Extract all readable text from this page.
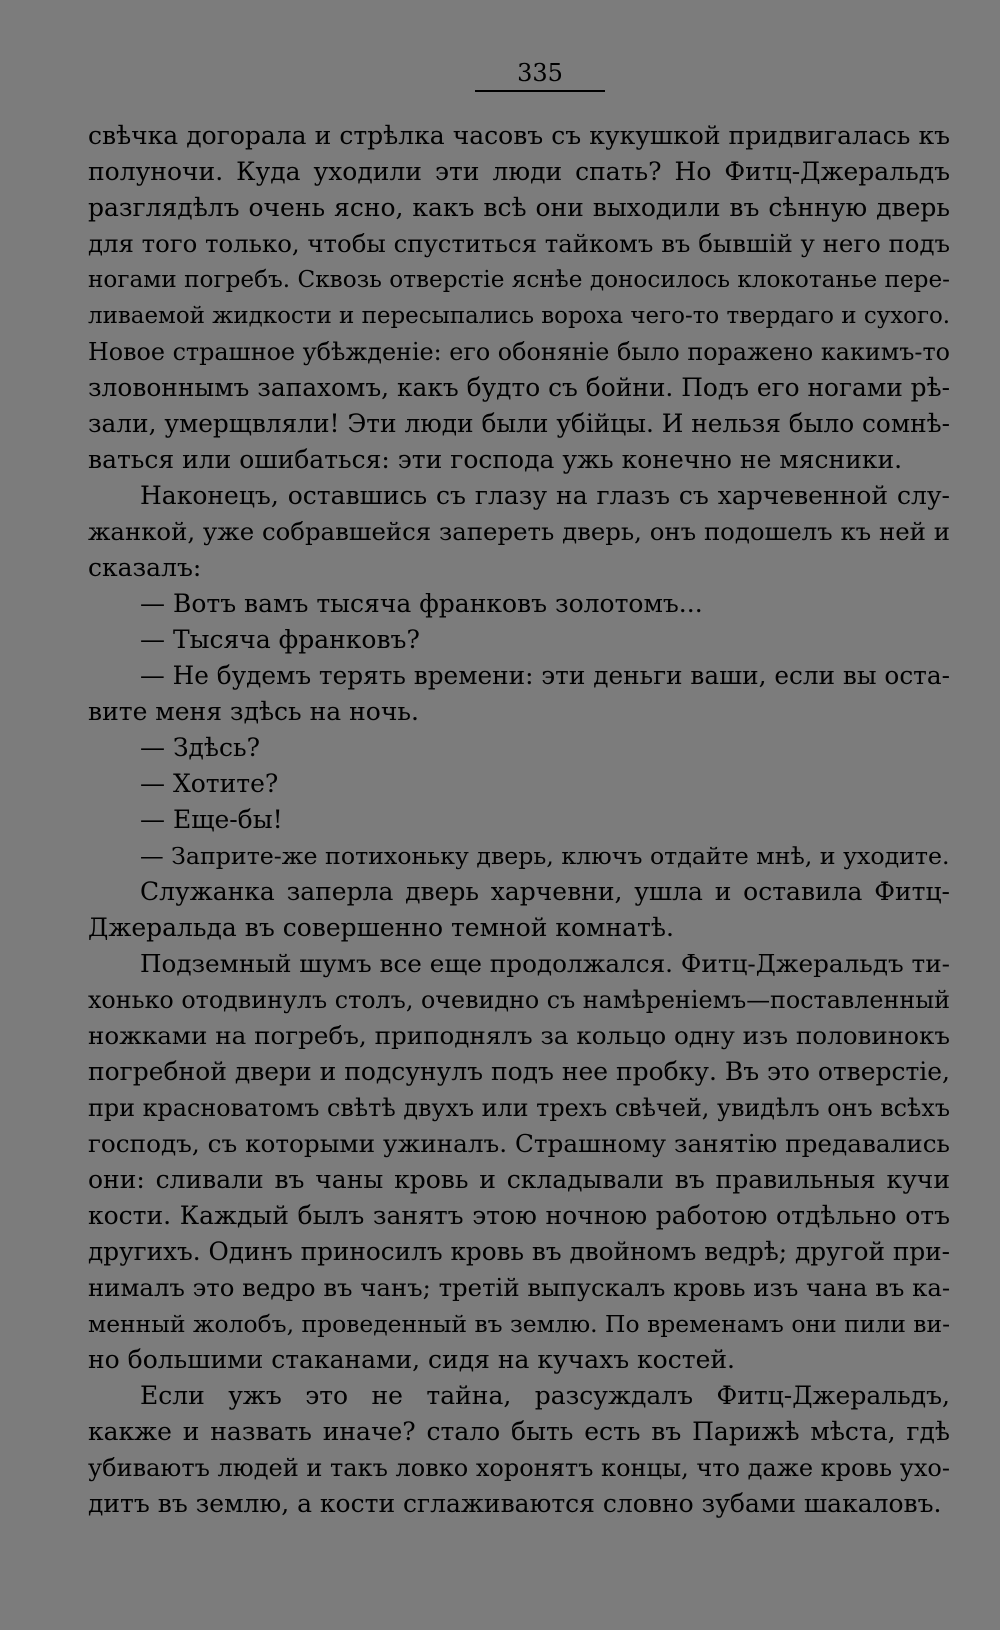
335
свѣчка догорала и стрѣлка часовъ съ кукушкой придвигалась къ
полуночи. Куда уходили эти люди спать? Но Фитц-Джеральдъ
разглядѣлъ очень ясно, какъ всѣ они выходили въ сѣнную дверь
для того только, чтобы спуститься тайкомъ въ бывшій у него подъ
ногами погребъ. Сквозь отверстіе яснѣе доносилось клокотанье пере-
ливаемой жидкости и пересыпались вороха чего-то твердаго и сухого.
Новое страшное убѣжденіе: его обоняніе было поражено какимъ-то
зловоннымъ запахомъ, какъ будто съ бойни. Подъ его ногами рѣ-
зали, умерщвляли! Эти люди были убійцы. И нельзя было сомнѣ-
ваться или ошибаться: эти господа ужь конечно не мясники.
Наконецъ, оставшись съ глазу на глазъ съ харчевенной слу-
жанкой, уже собравшейся запереть дверь, онъ подошелъ къ ней и
сказалъ:
— Вотъ вамъ тысяча франковъ золотомъ...
— Тысяча франковъ?
— Не будемъ терять времени: эти деньги ваши, если вы оста-
вите меня здѣсь на ночь.
— Здѣсь?
— Хотите?
— Еще-бы!
— Заприте-же потихоньку дверь, ключъ отдайте мнѣ, и уходите.
Служанка заперла дверь харчевни, ушла и оставила Фитц-
Джеральда въ совершенно темной комнатѣ.
Подземный шумъ все еще продолжался. Фитц-Джеральдъ ти-
хонько отодвинулъ столъ, очевидно съ намѣреніемъ—поставленный
ножками на погребъ, приподнялъ за кольцо одну изъ половинокъ
погребной двери и подсунулъ подъ нее пробку. Въ это отверстіе,
при красноватомъ свѣтѣ двухъ или трехъ свѣчей, увидѣлъ онъ всѣхъ
господъ, съ которыми ужиналъ. Страшному занятію предавались
они: сливали въ чаны кровь и складывали въ правильныя кучи
кости. Каждый былъ занятъ этою ночною работою отдѣльно отъ
другихъ. Одинъ приносилъ кровь въ двойномъ ведрѣ; другой при-
нималъ это ведро въ чанъ; третій выпускалъ кровь изъ чана въ ка-
менный жолобъ, проведенный въ землю. По временамъ они пили ви-
но большими стаканами, сидя на кучахъ костей.
Если ужъ это не тайна, разсуждалъ Фитц-Джеральдъ,
какже и назвать иначе? стало быть есть въ Парижѣ мѣста, гдѣ
убиваютъ людей и такъ ловко хоронятъ концы, что даже кровь ухо-
дитъ въ землю, а кости сглаживаются словно зубами шакаловъ.
